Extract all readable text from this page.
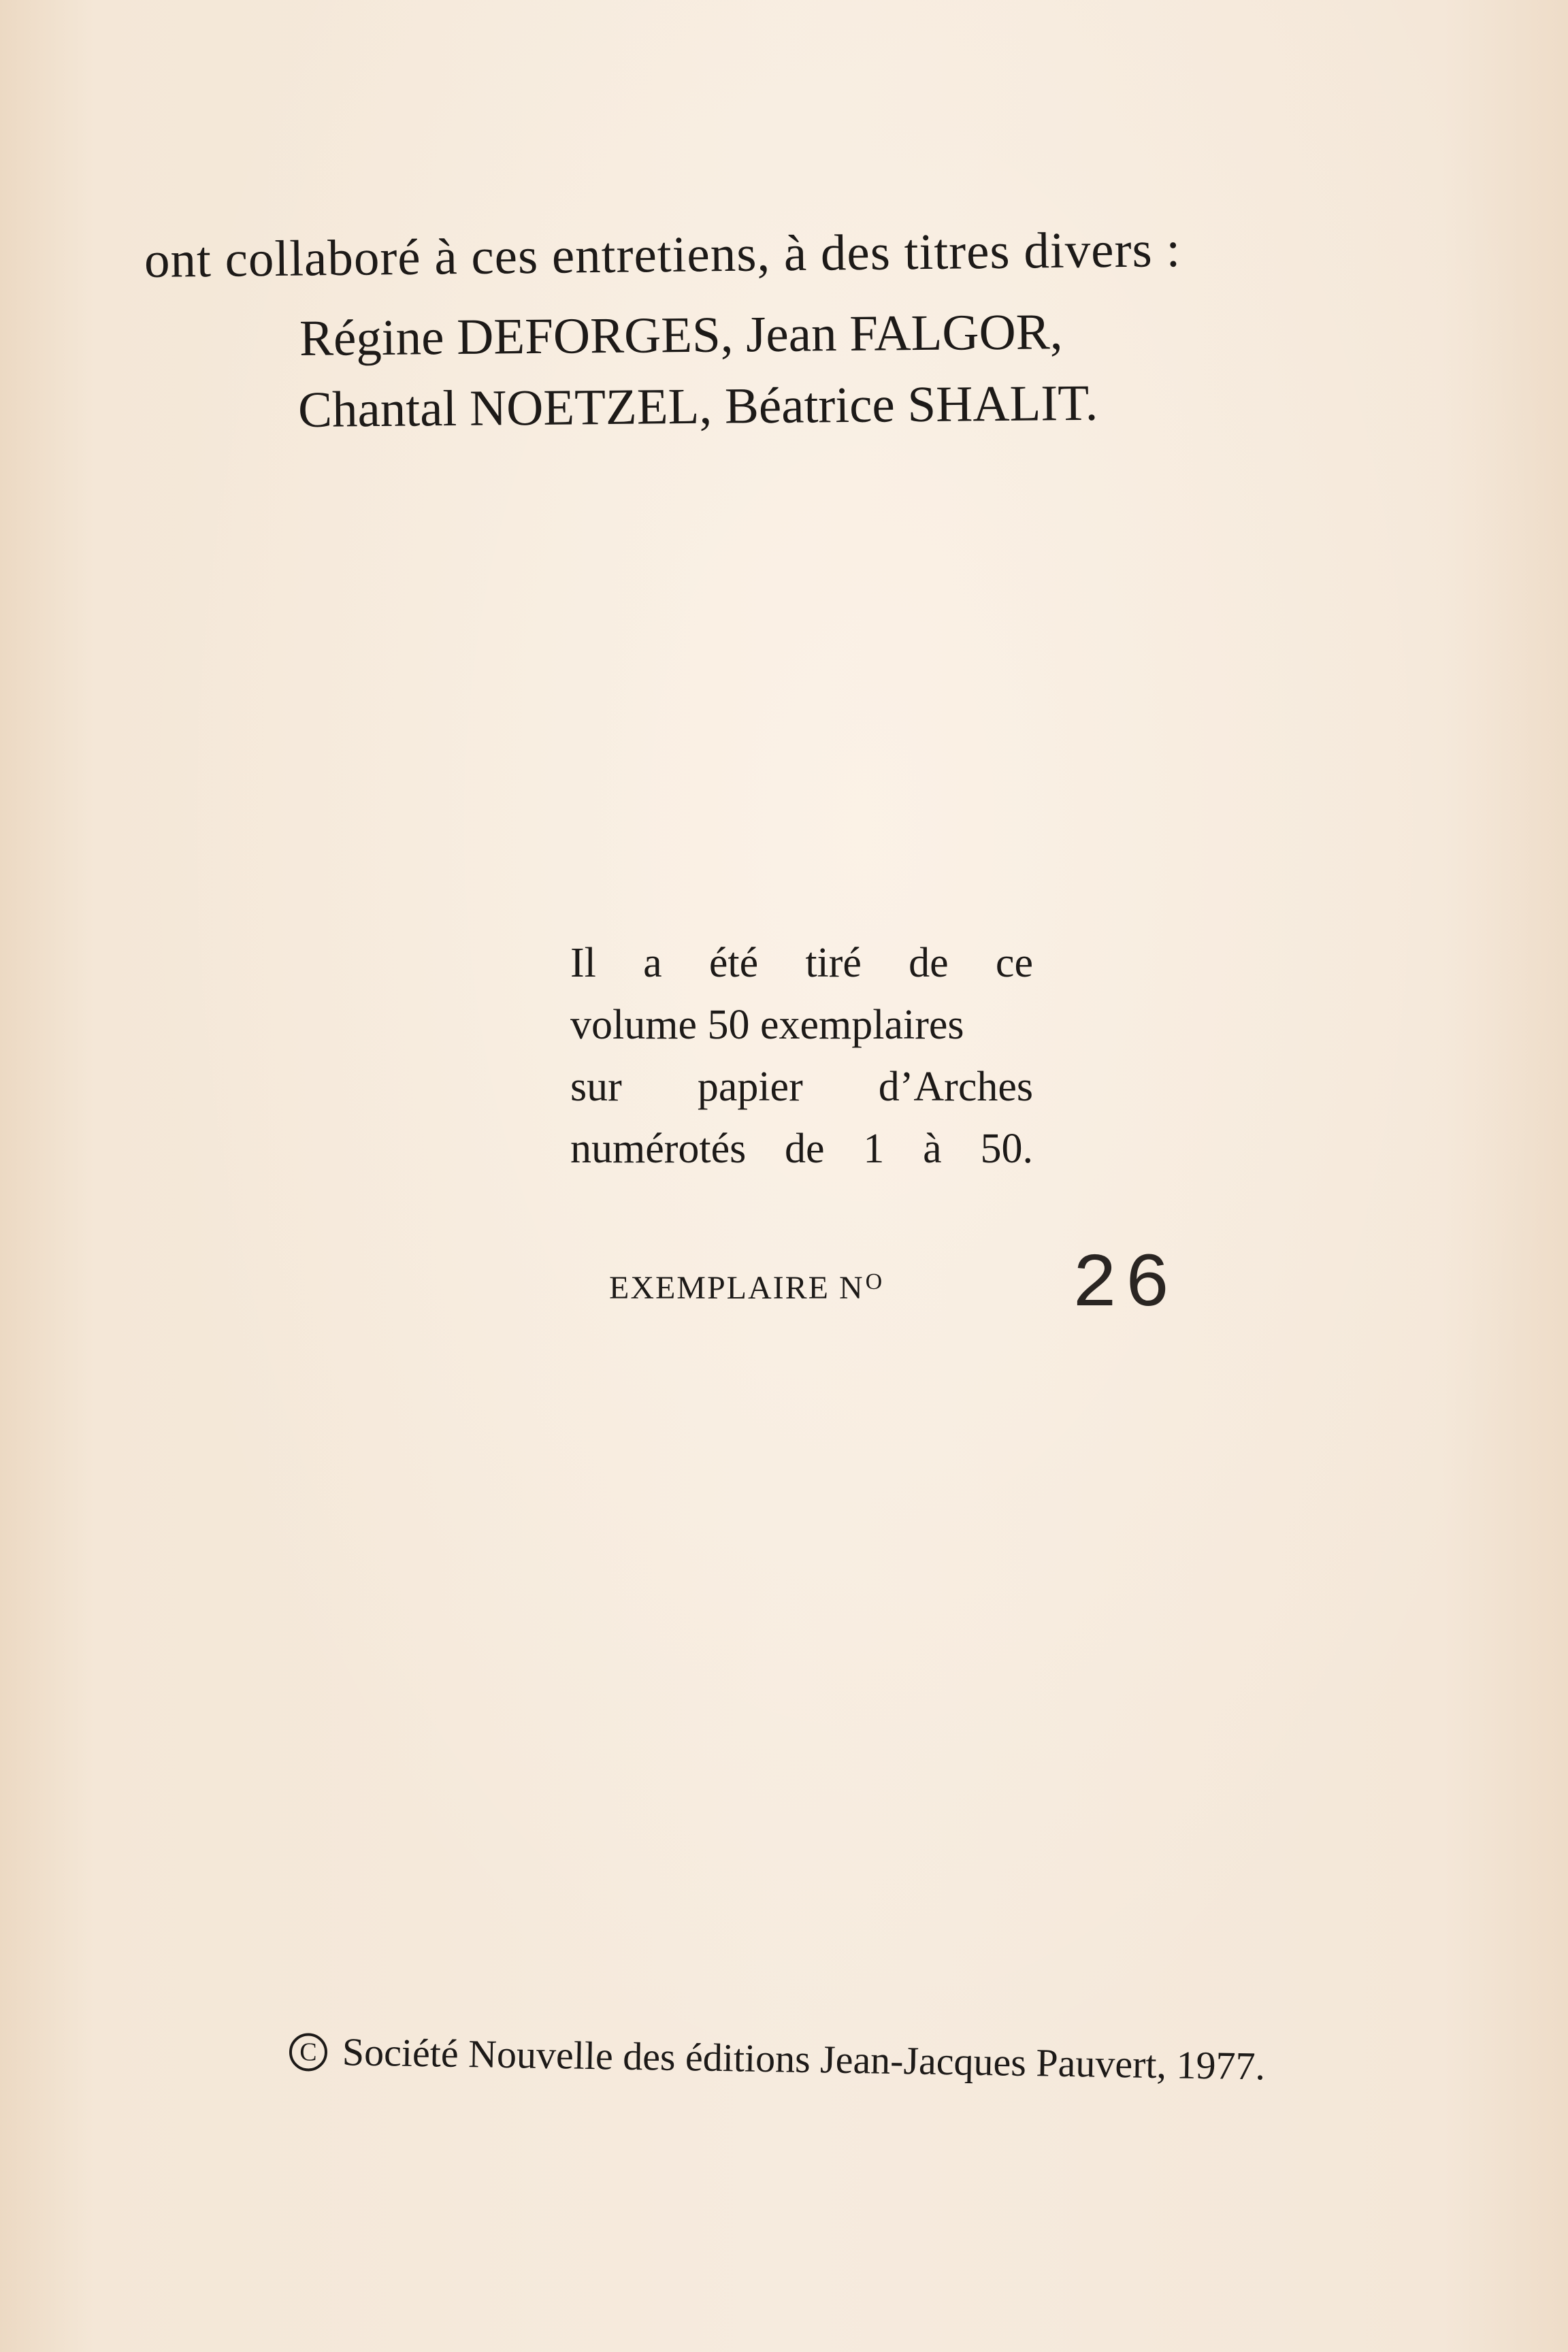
ont collaboré à ces entretiens, à des titres divers :
Régine DEFORGES, Jean FALGOR,
Chantal NOETZEL, Béatrice SHALIT.
Il a été tiré de ce
volume 50 exemplaires
sur papier d’Arches
numérotés de 1 à 50.
EXEMPLAIRE $N^O$ 26
C Société Nouvelle des éditions Jean-Jacques Pauvert, 1977.
